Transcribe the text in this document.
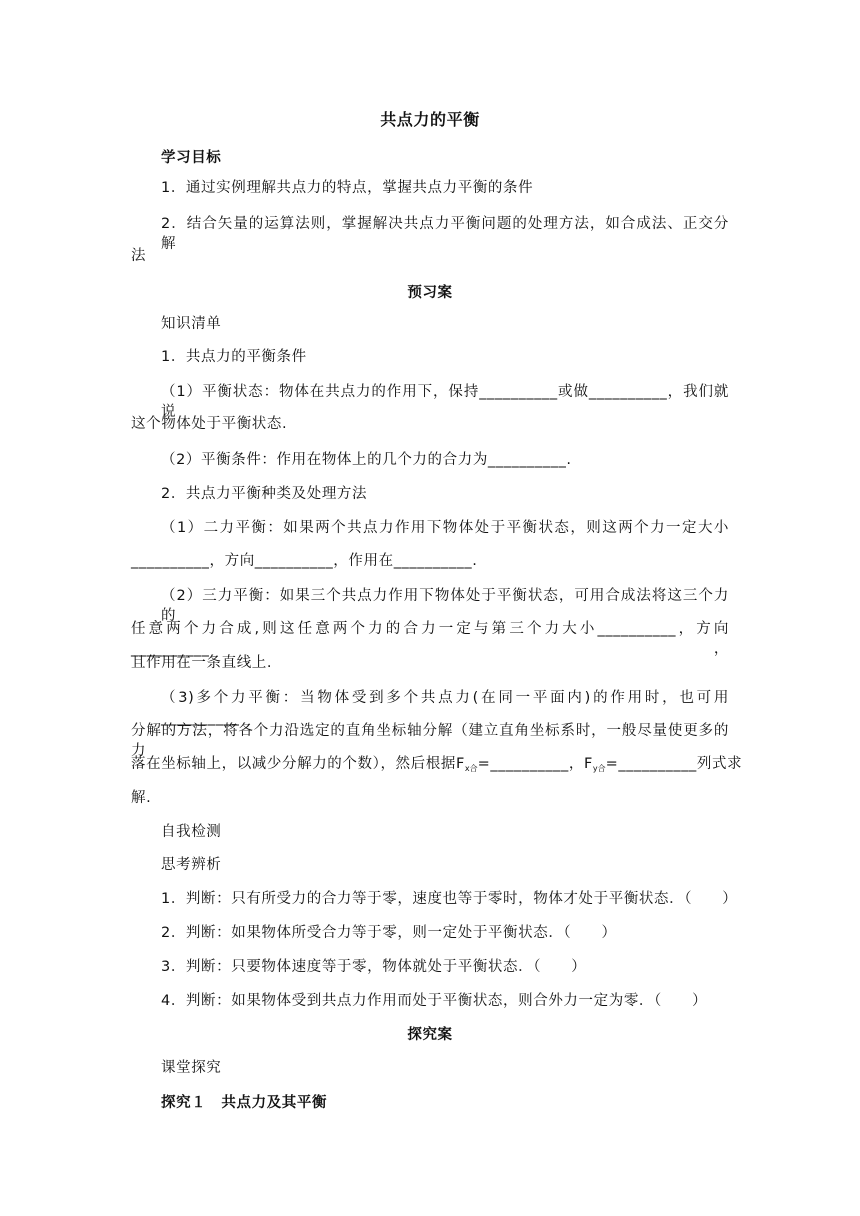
共点力的平衡
学习目标
1．通过实例理解共点力的特点，掌握共点力平衡的条件
2．结合矢量的运算法则，掌握解决共点力平衡问题的处理方法，如合成法、正交分解
法
预习案
知识清单
1．共点力的平衡条件
（1）平衡状态：物体在共点力的作用下，保持__________或做__________，我们就说
这个物体处于平衡状态.
（2）平衡条件：作用在物体上的几个力的合力为__________.
2．共点力平衡种类及处理方法
（1）二力平衡：如果两个共点力作用下物体处于平衡状态，则这两个力一定大小
__________，方向__________，作用在__________.
（2）三力平衡：如果三个共点力作用下物体处于平衡状态，可用合成法将这三个力的
任意两个力合成,则这任意两个力的合力一定与第三个力大小__________，方向__________，
且作用在一条直线上.
（3)多个力平衡：当物体受到多个共点力(在同一平面内)的作用时，也可用__________
分解的方法，将各个力沿选定的直角坐标轴分解（建立直角坐标系时，一般尽量使更多的力
落在坐标轴上，以减少分解力的个数），然后根据$F_{x合}=\_\_\_\_\_\_\_\_\_\_$，$F_{y合}=\_\_\_\_\_\_\_\_\_\_$列式求
解.
自我检测
思考辨析
1．判断：只有所受力的合力等于零，速度也等于零时，物体才处于平衡状态．（　　）
2．判断：如果物体所受合力等于零，则一定处于平衡状态．（　　）
3．判断：只要物体速度等于零，物体就处于平衡状态．（　　）
4．判断：如果物体受到共点力作用而处于平衡状态，则合外力一定为零．（　　）
探究案
课堂探究
探究１　共点力及其平衡
